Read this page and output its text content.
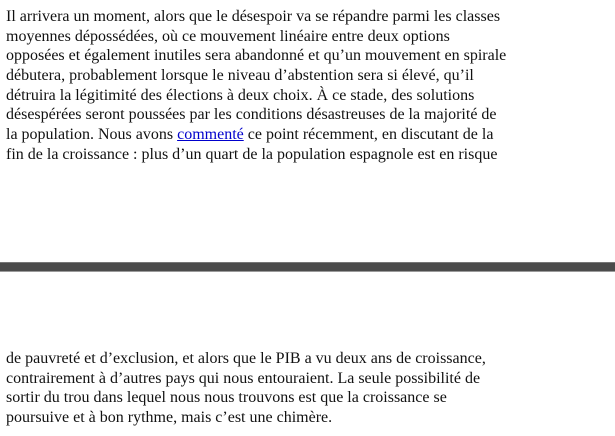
Il arrivera un moment, alors que le désespoir va se répandre parmi les classes
moyennes dépossédées, où ce mouvement linéaire entre deux options
opposées et également inutiles sera abandonné et qu’un mouvement en spirale
débutera, probablement lorsque le niveau d’abstention sera si élevé, qu’il
détruira la légitimité des élections à deux choix. À ce stade, des solutions
désespérées seront poussées par les conditions désastreuses de la majorité de
la population. Nous avons commenté ce point récemment, en discutant de la
fin de la croissance : plus d’un quart de la population espagnole est en risque
de pauvreté et d’exclusion, et alors que le PIB a vu deux ans de croissance,
contrairement à d’autres pays qui nous entouraient. La seule possibilité de
sortir du trou dans lequel nous nous trouvons est que la croissance se
poursuive et à bon rythme, mais c’est une chimère.
